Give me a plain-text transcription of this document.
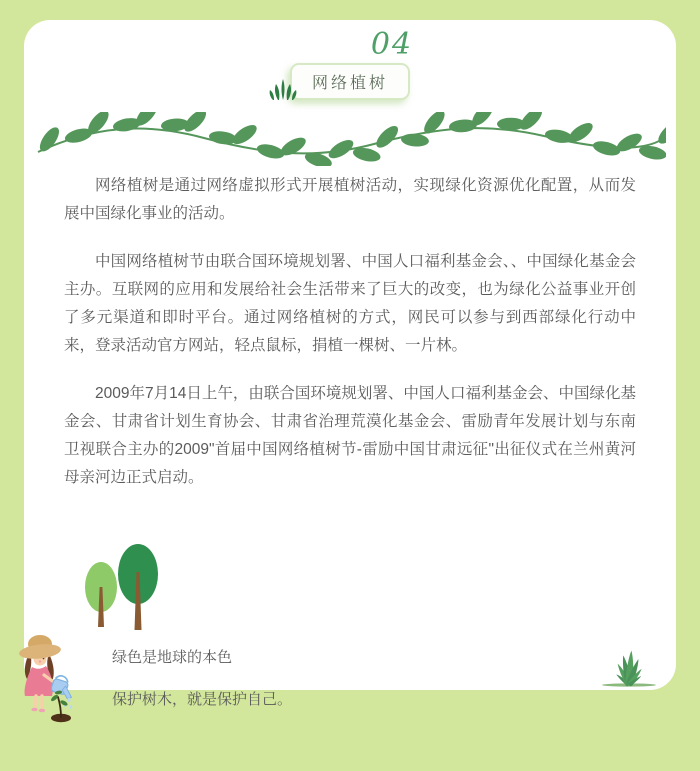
04
网络植树

网络植树是通过网络虚拟形式开展植树活动，实现绿化资源优化配置，从而发展中国绿化事业的活动。

中国网络植树节由联合国环境规划署、中国人口福利基金会、、中国绿化基金会主办。互联网的应用和发展给社会生活带来了巨大的改变，也为绿化公益事业开创了多元渠道和即时平台。通过网络植树的方式，网民可以参与到西部绿化行动中来，登录活动官方网站，轻点鼠标，捐植一棵树、一片林。

2009年7月14日上午，由联合国环境规划署、中国人口福利基金会、中国绿化基金会、甘肃省计划生育协会、甘肃省治理荒漠化基金会、雷励青年发展计划与东南卫视联合主办的2009"首届中国网络植树节-雷励中国甘肃远征"出征仪式在兰州黄河母亲河边正式启动。

绿色是地球的本色
保护树木，就是保护自己。
